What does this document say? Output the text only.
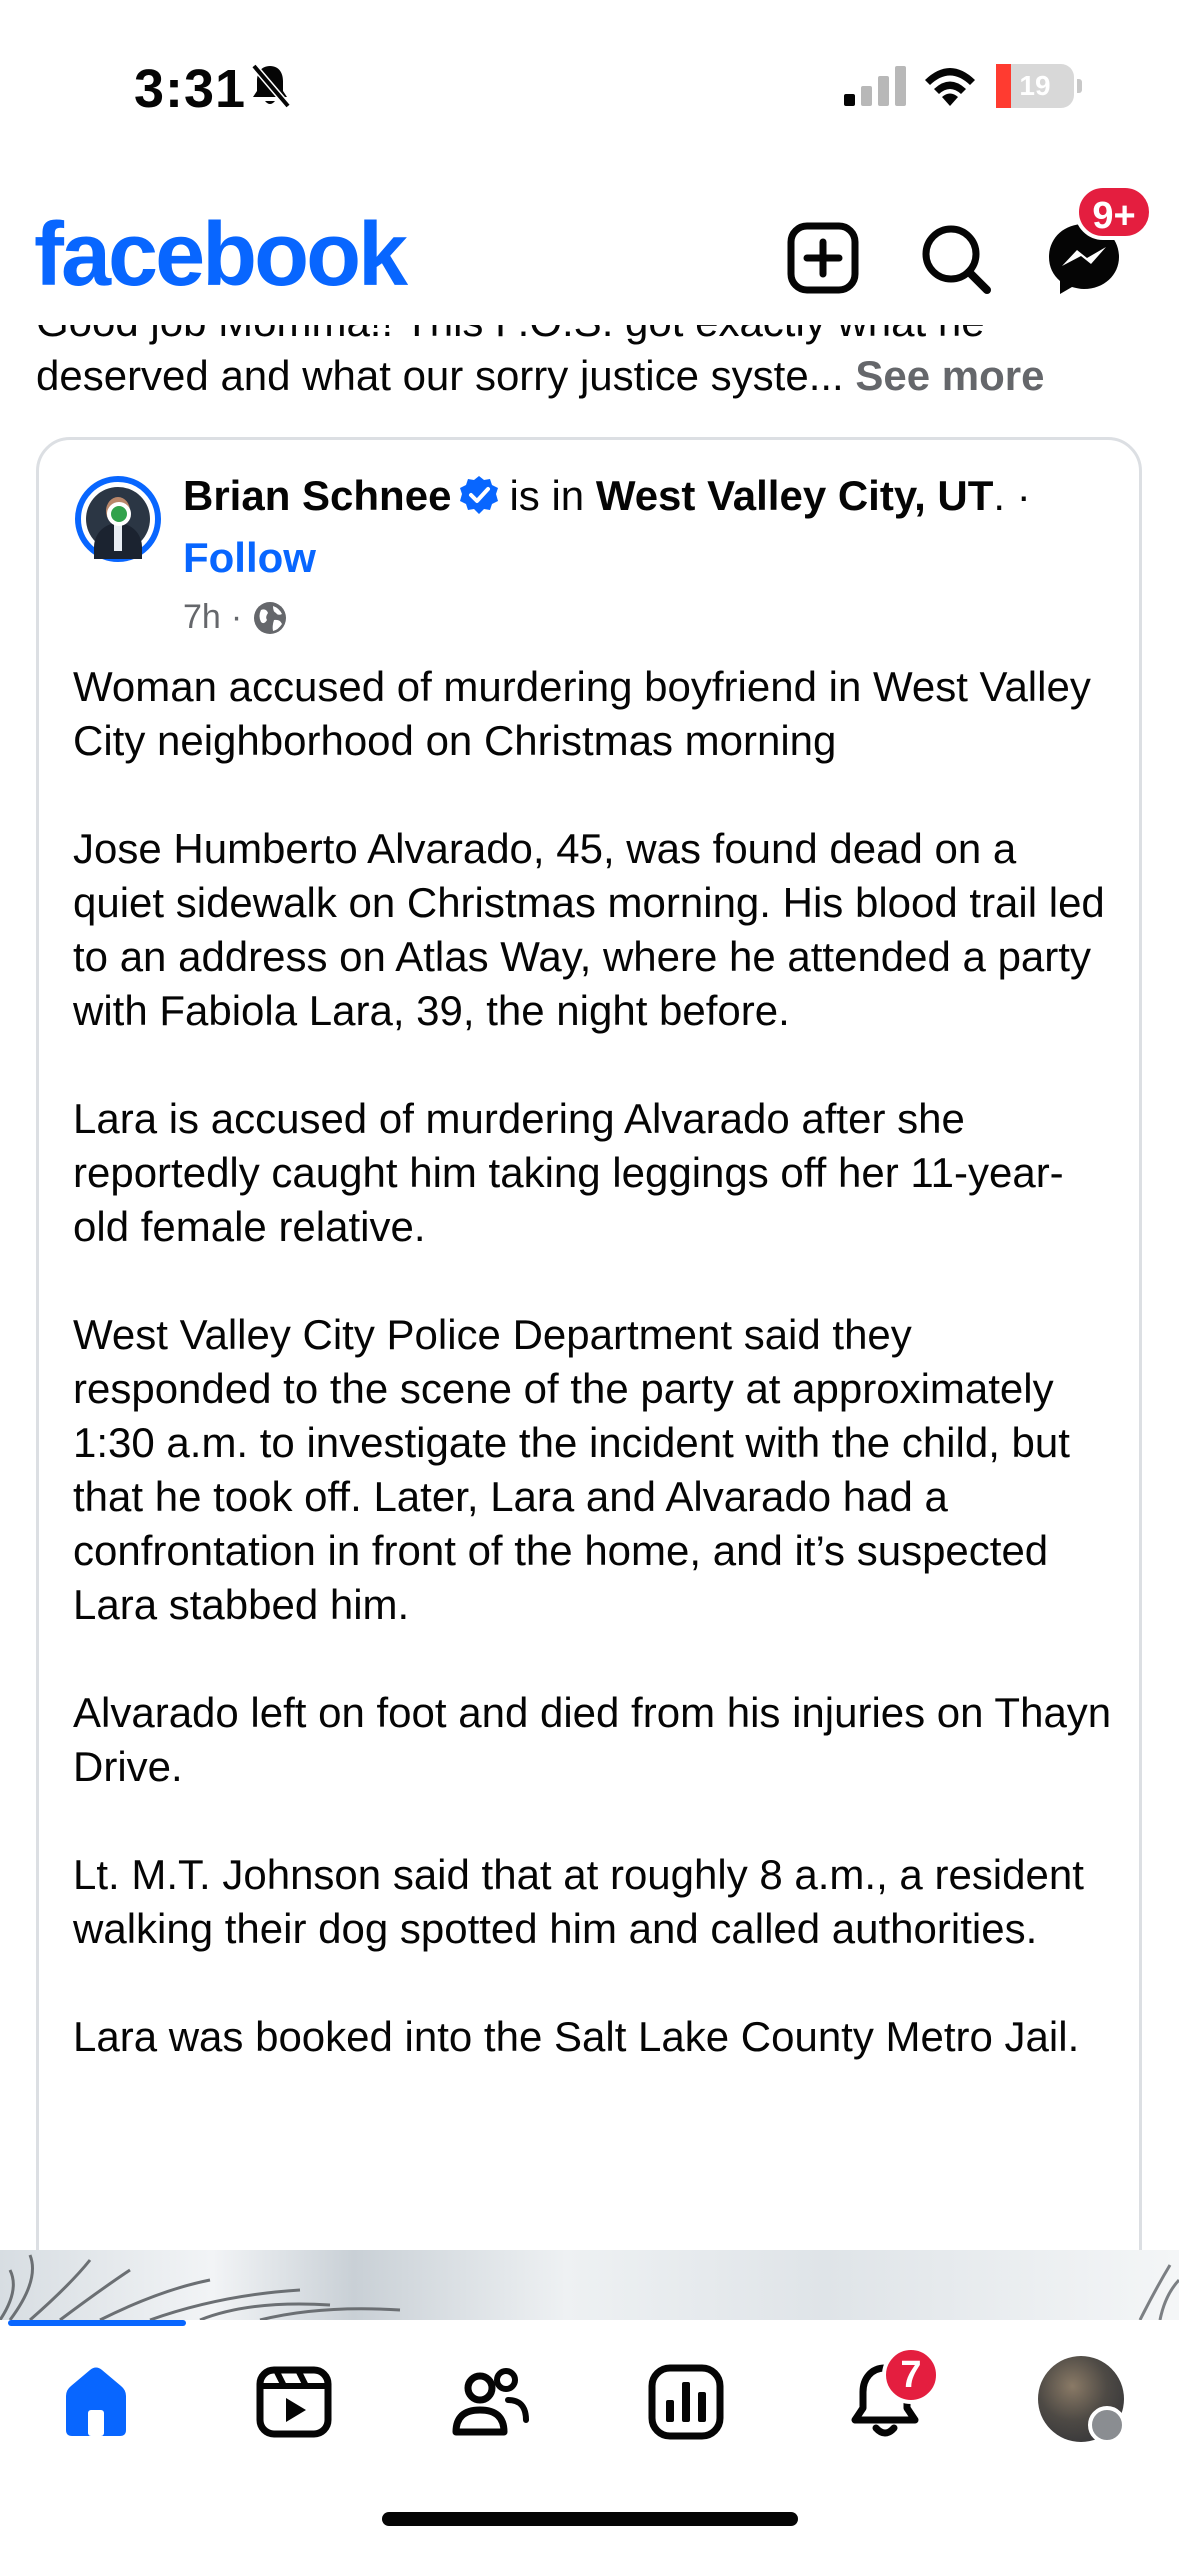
3:31	19
facebook	9+
deserved and what our sorry justice syste... See more
Brian Schnee is in West Valley City, UT. ·
Follow
7h ·

Woman accused of murdering boyfriend in West Valley City neighborhood on Christmas morning

Jose Humberto Alvarado, 45, was found dead on a quiet sidewalk on Christmas morning. His blood trail led to an address on Atlas Way, where he attended a party with Fabiola Lara, 39, the night before.

Lara is accused of murdering Alvarado after she reportedly caught him taking leggings off her 11-year-old female relative.

West Valley City Police Department said they responded to the scene of the party at approximately 1:30 a.m. to investigate the incident with the child, but that he took off. Later, Lara and Alvarado had a confrontation in front of the home, and it’s suspected Lara stabbed him.

Alvarado left on foot and died from his injuries on Thayn Drive.

Lt. M.T. Johnson said that at roughly 8 a.m., a resident walking their dog spotted him and called authorities.

Lara was booked into the Salt Lake County Metro Jail.

7
